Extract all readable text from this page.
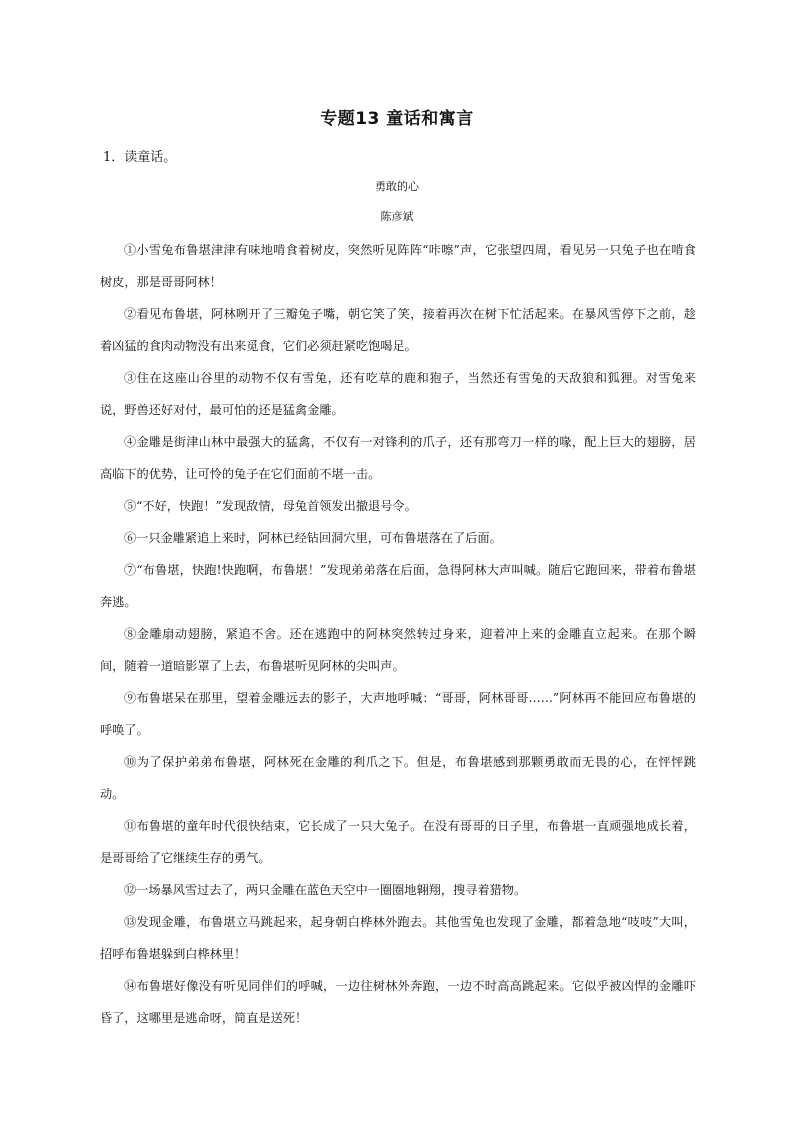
专题13 童话和寓言
1．读童话。
勇敢的心
陈彦斌

①小雪兔布鲁堪津津有味地啃食着树皮，突然听见阵阵“咔嚓”声，它张望四周，看见另一只兔子也在啃食树皮，那是哥哥阿林！

②看见布鲁堪，阿林咧开了三瓣兔子嘴，朝它笑了笑，接着再次在树下忙活起来。在暴风雪停下之前，趁着凶猛的食肉动物没有出来觅食，它们必须赶紧吃饱喝足。

③住在这座山谷里的动物不仅有雪兔，还有吃草的鹿和狍子，当然还有雪兔的天敌狼和狐狸。对雪兔来说，野兽还好对付，最可怕的还是猛禽金雕。

④金雕是街津山林中最强大的猛禽，不仅有一对锋利的爪子，还有那弯刀一样的喙，配上巨大的翅膀，居高临下的优势，让可怜的兔子在它们面前不堪一击。

⑤“不好，快跑！”发现敌情，母兔首领发出撤退号令。

⑥一只金雕紧追上来时，阿林已经钻回洞穴里，可布鲁堪落在了后面。

⑦“布鲁堪，快跑!快跑啊，布鲁堪！”发现弟弟落在后面，急得阿林大声叫喊。随后它跑回来，带着布鲁堪奔逃。

⑧金雕扇动翅膀，紧追不舍。还在逃跑中的阿林突然转过身来，迎着冲上来的金雕直立起来。在那个瞬间，随着一道暗影罩了上去，布鲁堪听见阿林的尖叫声。

⑨布鲁堪呆在那里，望着金雕远去的影子，大声地呼喊：“哥哥，阿林哥哥……”阿林再不能回应布鲁堪的呼唤了。

⑩为了保护弟弟布鲁堪，阿林死在金雕的利爪之下。但是，布鲁堪感到那颗勇敢而无畏的心，在怦怦跳动。

⑪布鲁堪的童年时代很快结束，它长成了一只大兔子。在没有哥哥的日子里，布鲁堪一直顽强地成长着，是哥哥给了它继续生存的勇气。

⑫一场暴风雪过去了，两只金雕在蓝色天空中一圈圈地翱翔，搜寻着猎物。

⑬发现金雕，布鲁堪立马跳起来，起身朝白桦林外跑去。其他雪兔也发现了金雕，都着急地“吱吱”大叫，招呼布鲁堪躲到白桦林里！

⑭布鲁堪好像没有听见同伴们的呼喊，一边往树林外奔跑，一边不时高高跳起来。它似乎被凶悍的金雕吓昏了，这哪里是逃命呀，简直是送死！
